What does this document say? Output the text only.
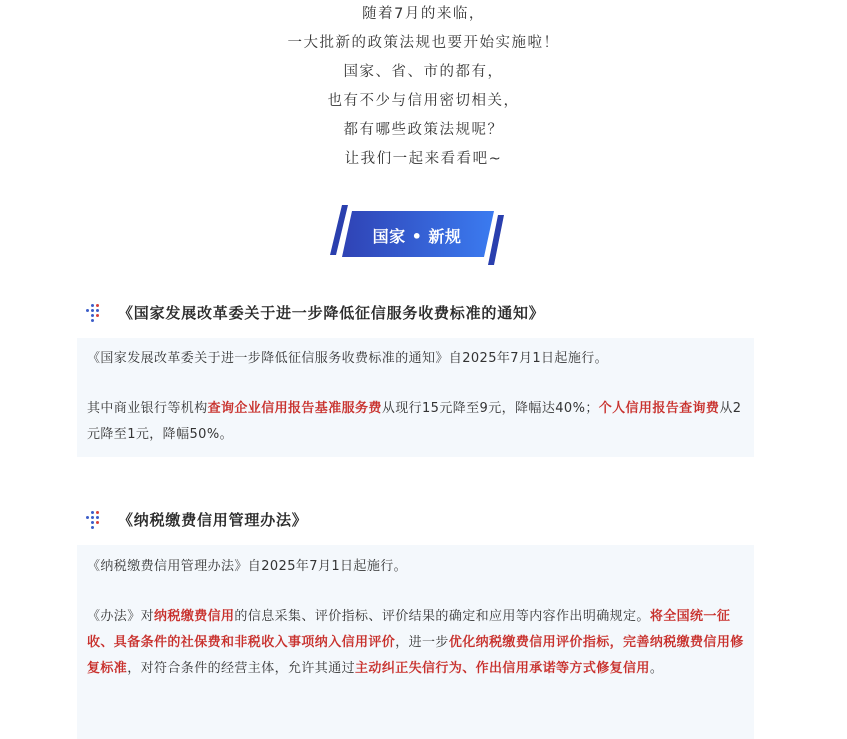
随着7月的来临，
一大批新的政策法规也要开始实施啦！
国家、省、市的都有，
也有不少与信用密切相关，
都有哪些政策法规呢？
让我们一起来看看吧~
国家 • 新规
《国家发展改革委关于进一步降低征信服务收费标准的通知》

《国家发展改革委关于进一步降低征信服务收费标准的通知》自2025年7月1日起施行。

其中商业银行等机构查询企业信用报告基准服务费从现行15元降至9元，降幅达40%；个人信用报告查询费从2元降至1元，降幅50%。

《纳税缴费信用管理办法》

《纳税缴费信用管理办法》自2025年7月1日起施行。

《办法》对纳税缴费信用的信息采集、评价指标、评价结果的确定和应用等内容作出明确规定。将全国统一征收、具备条件的社保费和非税收入事项纳入信用评价，进一步优化纳税缴费信用评价指标，完善纳税缴费信用修复标准，对符合条件的经营主体，允许其通过主动纠正失信行为、作出信用承诺等方式修复信用。
